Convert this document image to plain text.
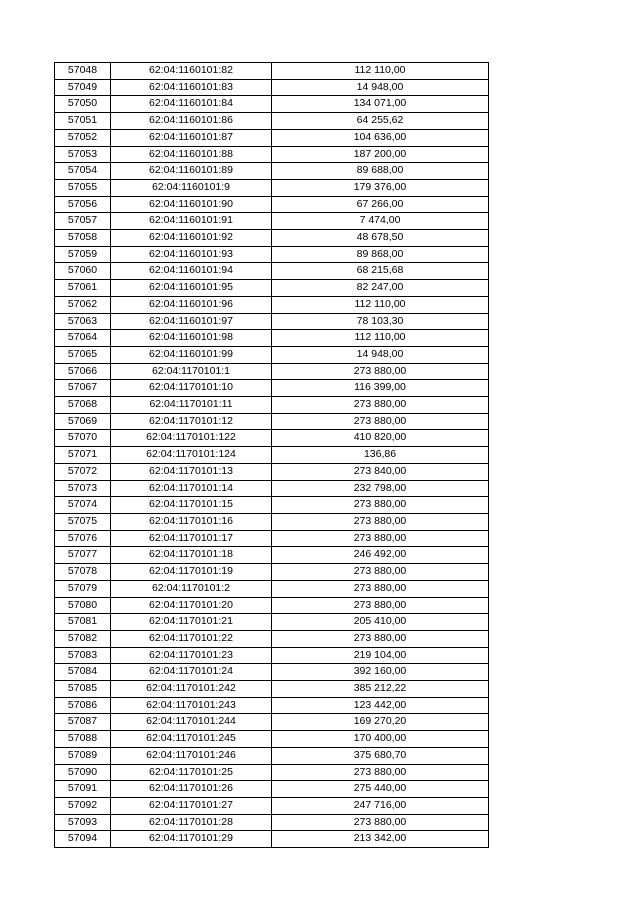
57048	62:04:1160101:82	112 110,00
57049	62:04:1160101:83	14 948,00
57050	62:04:1160101:84	134 071,00
57051	62:04:1160101:86	64 255,62
57052	62:04:1160101:87	104 636,00
57053	62:04:1160101:88	187 200,00
57054	62:04:1160101:89	89 688,00
57055	62:04:1160101:9	179 376,00
57056	62:04:1160101:90	67 266,00
57057	62:04:1160101:91	7 474,00
57058	62:04:1160101:92	48 678,50
57059	62:04:1160101:93	89 868,00
57060	62:04:1160101:94	68 215,68
57061	62:04:1160101:95	82 247,00
57062	62:04:1160101:96	112 110,00
57063	62:04:1160101:97	78 103,30
57064	62:04:1160101:98	112 110,00
57065	62:04:1160101:99	14 948,00
57066	62:04:1170101:1	273 880,00
57067	62:04:1170101:10	116 399,00
57068	62:04:1170101:11	273 880,00
57069	62:04:1170101:12	273 880,00
57070	62:04:1170101:122	410 820,00
57071	62:04:1170101:124	136,86
57072	62:04:1170101:13	273 840,00
57073	62:04:1170101:14	232 798,00
57074	62:04:1170101:15	273 880,00
57075	62:04:1170101:16	273 880,00
57076	62:04:1170101:17	273 880,00
57077	62:04:1170101:18	246 492,00
57078	62:04:1170101:19	273 880,00
57079	62:04:1170101:2	273 880,00
57080	62:04:1170101:20	273 880,00
57081	62:04:1170101:21	205 410,00
57082	62:04:1170101:22	273 880,00
57083	62:04:1170101:23	219 104,00
57084	62:04:1170101:24	392 160,00
57085	62:04:1170101:242	385 212,22
57086	62:04:1170101:243	123 442,00
57087	62:04:1170101:244	169 270,20
57088	62:04:1170101:245	170 400,00
57089	62:04:1170101:246	375 680,70
57090	62:04:1170101:25	273 880,00
57091	62:04:1170101:26	275 440,00
57092	62:04:1170101:27	247 716,00
57093	62:04:1170101:28	273 880,00
57094	62:04:1170101:29	213 342,00
